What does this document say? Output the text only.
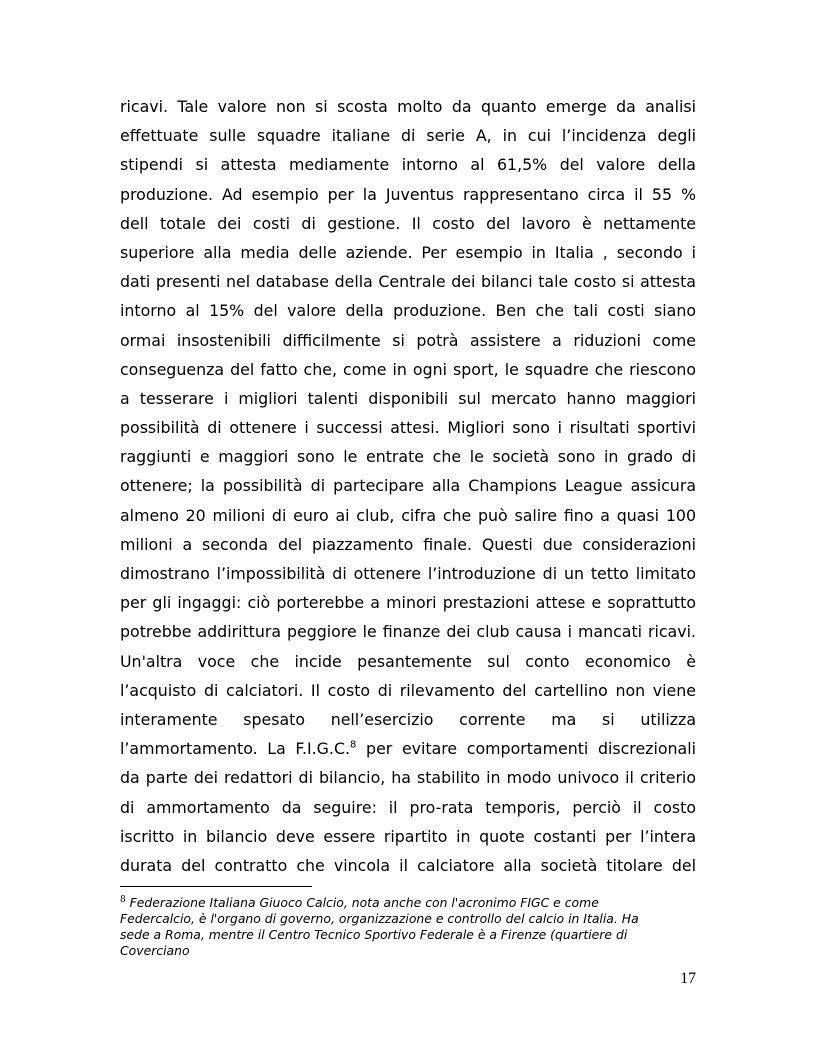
ricavi. Tale valore non si scosta molto da quanto emerge da analisi
effettuate sulle squadre italiane di serie A, in cui l’incidenza degli
stipendi si attesta mediamente intorno al 61,5% del valore della
produzione. Ad esempio per la Juventus rappresentano circa il 55 %
dell totale dei costi di gestione. Il costo del lavoro è nettamente
superiore alla media delle aziende. Per esempio in Italia , secondo i
dati presenti nel database della Centrale dei bilanci tale costo si attesta
intorno al 15% del valore della produzione. Ben che tali costi siano
ormai insostenibili difficilmente si potrà assistere a riduzioni come
conseguenza del fatto che, come in ogni sport, le squadre che riescono
a tesserare i migliori talenti disponibili sul mercato hanno maggiori
possibilità di ottenere i successi attesi. Migliori sono i risultati sportivi
raggiunti e maggiori sono le entrate che le società sono in grado di
ottenere; la possibilità di partecipare alla Champions League assicura
almeno 20 milioni di euro ai club, cifra che può salire fino a quasi 100
milioni a seconda del piazzamento finale. Questi due considerazioni
dimostrano l’impossibilità di ottenere l’introduzione di un tetto limitato
per gli ingaggi: ciò porterebbe a minori prestazioni attese e soprattutto
potrebbe addirittura peggiore le finanze dei club causa i mancati ricavi.
Un'altra voce che incide pesantemente sul conto economico è
l’acquisto di calciatori. Il costo di rilevamento del cartellino non viene
interamente spesato nell’esercizio corrente ma si utilizza
l’ammortamento. La F.I.G.C.$^8$ per evitare comportamenti discrezionali
da parte dei redattori di bilancio, ha stabilito in modo univoco il criterio
di ammortamento da seguire: il pro-rata temporis, perciò il costo
iscritto in bilancio deve essere ripartito in quote costanti per l’intera
durata del contratto che vincola il calciatore alla società titolare del
$^8$ Federazione Italiana Giuoco Calcio, nota anche con l'acronimo FIGC e come
Federcalcio, è l'organo di governo, organizzazione e controllo del calcio in Italia. Ha
sede a Roma, mentre il Centro Tecnico Sportivo Federale è a Firenze (quartiere di
Coverciano
17
